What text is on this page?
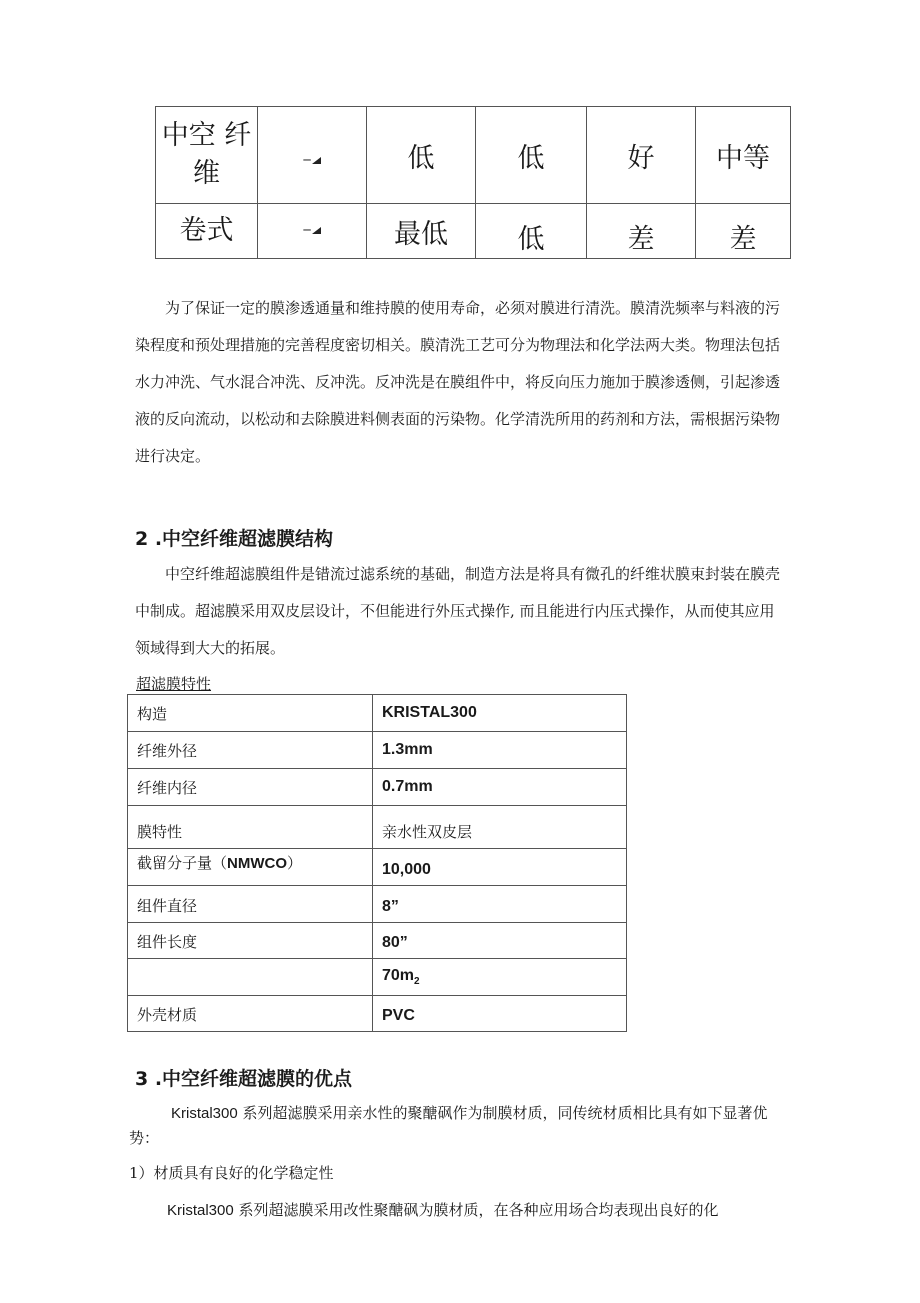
中空 纤维	─	低	低	好	中等
卷式	─	最低	低	差	差

为了保证一定的膜渗透通量和维持膜的使用寿命，必须对膜进行清洗。膜清洗频率与料液的污染程度和预处理措施的完善程度密切相关。膜清洗工艺可分为物理法和化学法两大类。物理法包括水力冲洗、气水混合冲洗、反冲洗。反冲洗是在膜组件中，将反向压力施加于膜渗透侧，引起渗透液的反向流动，以松动和去除膜进料侧表面的污染物。化学清洗所用的药剂和方法，需根据污染物进行决定。

2 .中空纤维超滤膜结构

中空纤维超滤膜组件是错流过滤系统的基础，制造方法是将具有微孔的纤维状膜束封装在膜壳中制成。超滤膜采用双皮层设计，不但能进行外压式操作, 而且能进行内压式操作，从而使其应用领域得到大大的拓展。

超滤膜特性
构造	KRISTAL300
纤维外径	1.3mm
纤维内径	0.7mm
膜特性	亲水性双皮层
截留分子量（NMWCO）	10,000
组件直径	8”
组件长度	80”
	$70m_2$
外壳材质	PVC
3 .中空纤维超滤膜的优点

Kristal300 系列超滤膜采用亲水性的聚醣砜作为制膜材质，同传统材质相比具有如下显著优势：

1）材质具有良好的化学稳定性

Kristal300 系列超滤膜采用改性聚醣砜为膜材质，在各种应用场合均表现出良好的化
